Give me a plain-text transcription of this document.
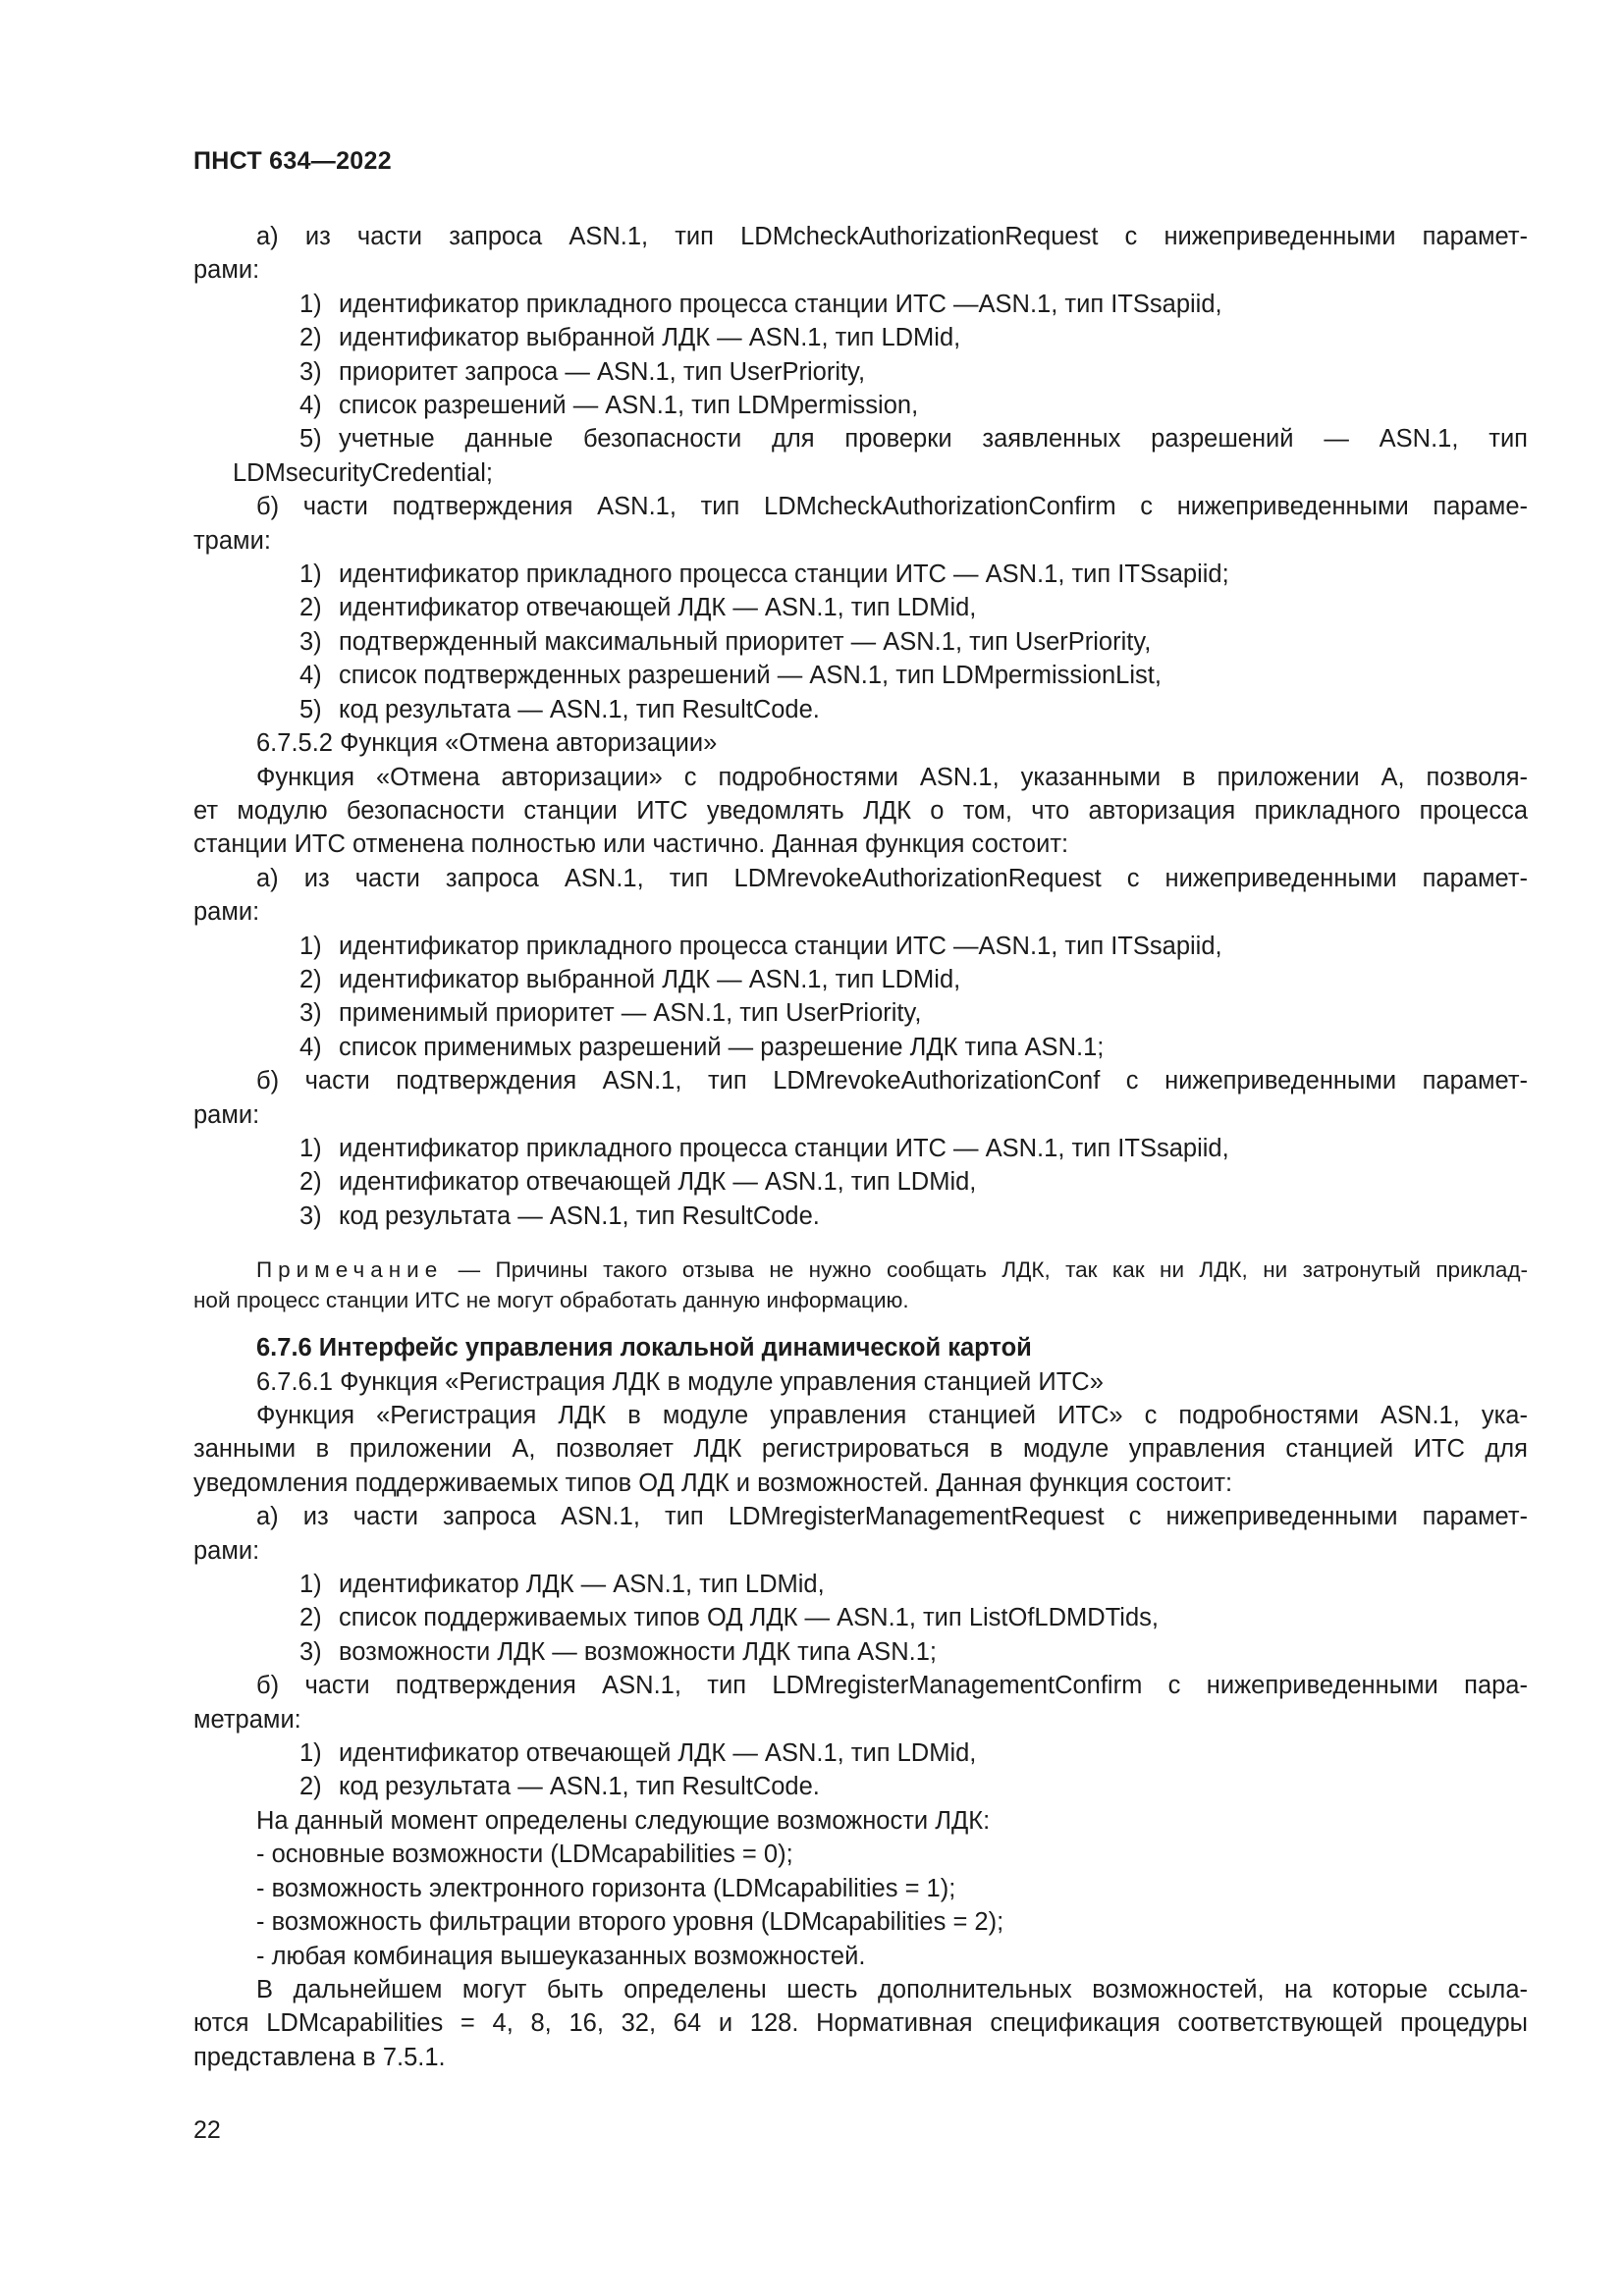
ПНСТ 634—2022

а) из части запроса ASN.1, тип LDMcheckAuthorizationRequest с нижеприведенными парамет-

рами:

1) идентификатор прикладного процесса станции ИТС —ASN.1, тип ITSsapiid,

2) идентификатор выбранной ЛДК — ASN.1, тип LDMid,

3) приоритет запроса — ASN.1, тип UserPriority,

4) список разрешений — ASN.1, тип LDMpermission,

5) учетные данные безопасности для проверки заявленных разрешений — ASN.1, тип

LDMsecurityCredential;

б) части подтверждения ASN.1, тип LDMcheckAuthorizationConfirm с нижеприведенными параме-

трами:

1) идентификатор прикладного процесса станции ИТС — ASN.1, тип ITSsapiid;

2) идентификатор отвечающей ЛДК — ASN.1, тип LDMid,

3) подтвержденный максимальный приоритет — ASN.1, тип UserPriority,

4) список подтвержденных разрешений — ASN.1, тип LDMpermissionList,

5) код результата — ASN.1, тип ResultCode.

6.7.5.2 Функция «Отмена авторизации»

Функция «Отмена авторизации» с подробностями ASN.1, указанными в приложении А, позволя-

ет модулю безопасности станции ИТС уведомлять ЛДК о том, что авторизация прикладного процесса

станции ИТС отменена полностью или частично. Данная функция состоит:

а) из части запроса ASN.1, тип LDMrevokeAuthorizationRequest с нижеприведенными парамет-

рами:

1) идентификатор прикладного процесса станции ИТС —ASN.1, тип ITSsapiid,

2) идентификатор выбранной ЛДК — ASN.1, тип LDMid,

3) применимый приоритет — ASN.1, тип UserPriority,

4) список применимых разрешений — разрешение ЛДК типа ASN.1;

б) части подтверждения ASN.1, тип LDMrevokeAuthorizationConf с нижеприведенными парамет-

рами:

1) идентификатор прикладного процесса станции ИТС — ASN.1, тип ITSsapiid,

2) идентификатор отвечающей ЛДК — ASN.1, тип LDMid,

3) код результата — ASN.1, тип ResultCode.

Примечание — Причины такого отзыва не нужно сообщать ЛДК, так как ни ЛДК, ни затронутый приклад-
ной процесс станции ИТС не могут обработать данную информацию.

6.7.6 Интерфейс управления локальной динамической картой

6.7.6.1 Функция «Регистрация ЛДК в модуле управления станцией ИТС»

Функция «Регистрация ЛДК в модуле управления станцией ИТС» с подробностями ASN.1, ука-

занными в приложении А, позволяет ЛДК регистрироваться в модуле управления станцией ИТС для

уведомления поддерживаемых типов ОД ЛДК и возможностей. Данная функция состоит:

а) из части запроса ASN.1, тип LDMregisterManagementRequest с нижеприведенными парамет-

рами:

1) идентификатор ЛДК — ASN.1, тип LDMid,

2) список поддерживаемых типов ОД ЛДК — ASN.1, тип ListOfLDMDTids,

3) возможности ЛДК — возможности ЛДК типа ASN.1;

б) части подтверждения ASN.1, тип LDMregisterManagementConfirm с нижеприведенными пара-

метрами:

1) идентификатор отвечающей ЛДК — ASN.1, тип LDMid,

2) код результата — ASN.1, тип ResultCode.

На данный момент определены следующие возможности ЛДК:

- основные возможности (LDMcapabilities = 0);

- возможность электронного горизонта (LDMcapabilities = 1);

- возможность фильтрации второго уровня (LDMcapabilities = 2);

- любая комбинация вышеуказанных возможностей.

В дальнейшем могут быть определены шесть дополнительных возможностей, на которые ссыла-

ются LDMcapabilities = 4, 8, 16, 32, 64 и 128. Нормативная спецификация соответствующей процедуры

представлена в 7.5.1.

22
